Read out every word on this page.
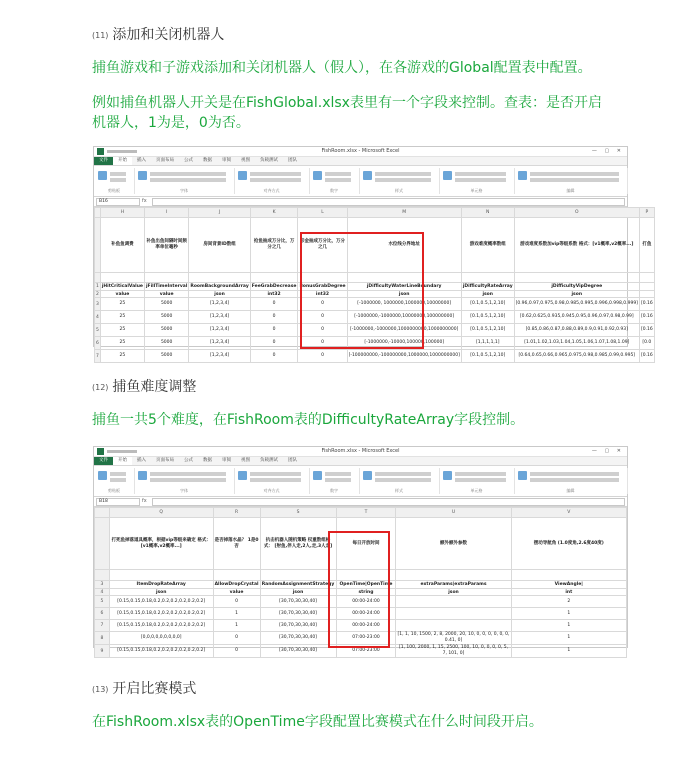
(11) 添加和关闭机器人
捕鱼游戏和子游戏添加和关闭机器人（假人），在各游戏的Global配置表中配置。
例如捕鱼机器人开关是在FishGlobal.xlsx表里有一个字段来控制。查表：是否开启机器人，1为是，0为否。
FishRoom.xlsx - Microsoft Excel	— ▢ ✕
文件	开始	插入	页面布局	公式	数据	审阅	视图	负载测试	团队
剪贴板	字体	对齐方式	数字	样式	单元格	编辑
B16	fx
	H	I	J	K	L	M	N	O	P
	补鱼鱼调费	补鱼出鱼间隔时间频率单位毫秒	房间背景ID数组	抢鱼抽成万分比，万分之几	彩金抽成万分比，万分之几	水位线分界地址	游戏难度概率数组	游戏难度系数加vip等级系数 格式：[v1概率,v2概率...]	打鱼

1	jHitCriticalValue	jFillTimeInterval	RoomBackgroundArray	FeeGrabDecrease	BonusGrabDegree	jDifficultyWaterLineBoundary	jDifficultyRateArray	jDifficultyVipDegree	
2	value	value	json	int32	int32	json	json	json	
3	25	5000	[1,2,3,4]	0	0	[-1000000, 1000000,1000000,10000000]	[0.1,0.5,1,2,10]	[0.96,0.97,0.975,0.98,0.985,0.995,0.996,0.998,0.999]	[0.16
4	25	5000	[1,2,3,4]	0	0	[-1000000,-1000000,10000000,100000000]	[0.1,0.5,1,2,10]	[0.62,0.625,0.935,0.945,0.95,0.96,0.97,0.98,0.99]	[0.16
5	25	5000	[1,2,3,4]	0	0	[-1000000,-1000000,1000000000,1000000000]	[0.1,0.5,1,2,10]	[0.85,0.86,0.87,0.88,0.89,0.9,0.91,0.92,0.93]	[0.16
6	25	5000	[1,2,3,4]	0	0	[-1000000,-10000,100000,100000]	[1,1,1,1,1]	[1.01,1.02,1.03,1.04,1.05,1.06,1.07,1.08,1.09]	[0.0
7	25	5000	[1,2,3,4]	0	0	[-100000000,-100000000,1000000,1000000000]	[0.1,0.5,1,2,10]	[0.64,0.65,0.66,0.965,0.975,0.98,0.985,0.99,0.995]	[0.16
(12) 捕鱼难度调整
捕鱼一共5个难度，在FishRoom表的DifficultyRateArray字段控制。
FishRoom.xlsx - Microsoft Excel	— ▢ ✕
文件	开始	插入	页面布局	公式	数据	审阅	视图	负载测试	团队
剪贴板	字体	对齐方式	数字	样式	单元格	编辑
B18	fx
	Q	R	S	T	U	V
	打死鱼掉落道具概率，根据vip等级来确定 格式：[v1概率,v2概率...]	是否掉落水晶？ 1是0否	抗击机器人随机策略 权重数组格式： [射鱼,伴人走,2人,走,3人走]	每日开放时间	额外额外参数	摆动导航角 (1.0度角,2.6度40度)

3	ItemDropRateArray	AllowDropCrystal	RandomAssignmentStrategy	OpenTime|OpenTime	extraParams|extraParams	ViewAngle|
4	json	value	json	string	json	int
5	[0.15,0.15,0.18,0.2,0.2,0.2,0.2,0.2,0.2]	0	[30,70,30,30,40]	00:00-24:00		2
6	[0.15,0.15,0.18,0.2,0.2,0.2,0.2,0.2,0.2]	1	[30,70,30,30,40]	00:00-24:00		1
7	[0.15,0.15,0.18,0.2,0.2,0.2,0.2,0.2,0.2]	1	[30,70,30,30,40]	00:00-24:00		1
8	[0,0,0,0,0,0,0,0,0]	0	[30,70,30,30,40]	07:00-23:00	[1, 1, 10, 1500, 2, 8, 2000, 20, 10, 0, 0, 0, 0, 0, 0, 0.41, 0]	1
9	[0.15,0.15,0.18,0.2,0.2,0.2,0.2,0.2,0.2]	0	[30,70,30,30,40]	07:00-23:00	[1, 100, 2000, 1, 15, 2500, 100, 10, 0, 0, 0, 0, 5, 7, 101, 0]	1
(13) 开启比赛模式
在FishRoom.xlsx表的OpenTime字段配置比赛模式在什么时间段开启。
